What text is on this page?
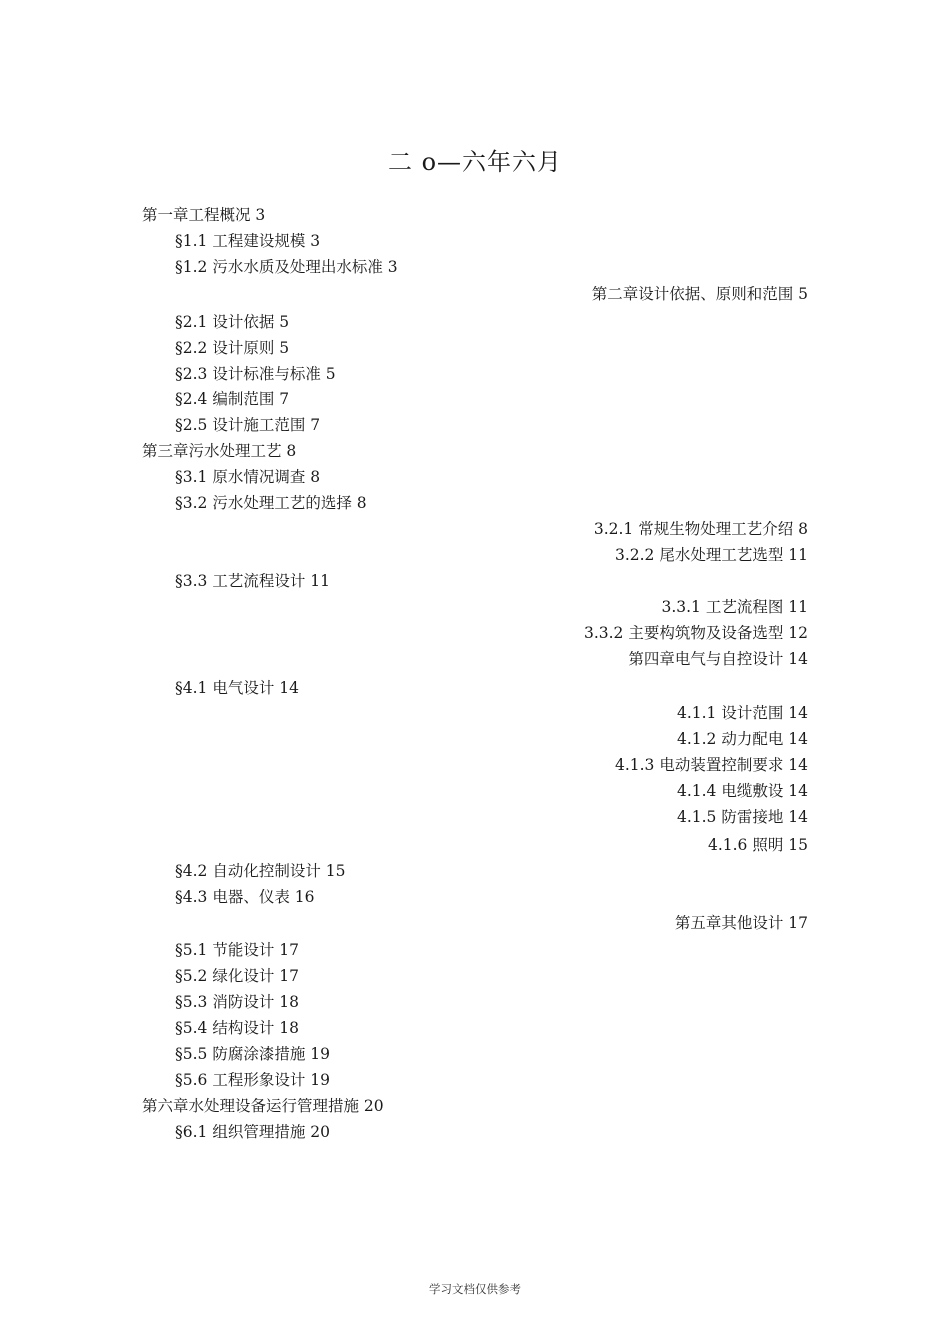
二 o—六年六月
第一章工程概况 3
§1.1 工程建设规模 3
§1.2 污水水质及处理出水标准 3
第二章设计依据、原则和范围 5
§2.1 设计依据 5
§2.2 设计原则 5
§2.3 设计标准与标准 5
§2.4 编制范围 7
§2.5 设计施工范围 7
第三章污水处理工艺 8
§3.1 原水情况调查 8
§3.2 污水处理工艺的选择 8
3.2.1 常规生物处理工艺介绍 8
3.2.2 尾水处理工艺选型 11
§3.3 工艺流程设计 11
3.3.1 工艺流程图 11
3.3.2 主要构筑物及设备选型 12
第四章电气与自控设计 14
§4.1 电气设计 14
4.1.1 设计范围 14
4.1.2 动力配电 14
4.1.3 电动装置控制要求 14
4.1.4 电缆敷设 14
4.1.5 防雷接地 14
4.1.6 照明 15
§4.2 自动化控制设计 15
§4.3 电器、仪表 16
第五章其他设计 17
§5.1 节能设计 17
§5.2 绿化设计 17
§5.3 消防设计 18
§5.4 结构设计 18
§5.5 防腐涂漆措施 19
§5.6 工程形象设计 19
第六章水处理设备运行管理措施 20
§6.1 组织管理措施 20
学习文档仅供参考
